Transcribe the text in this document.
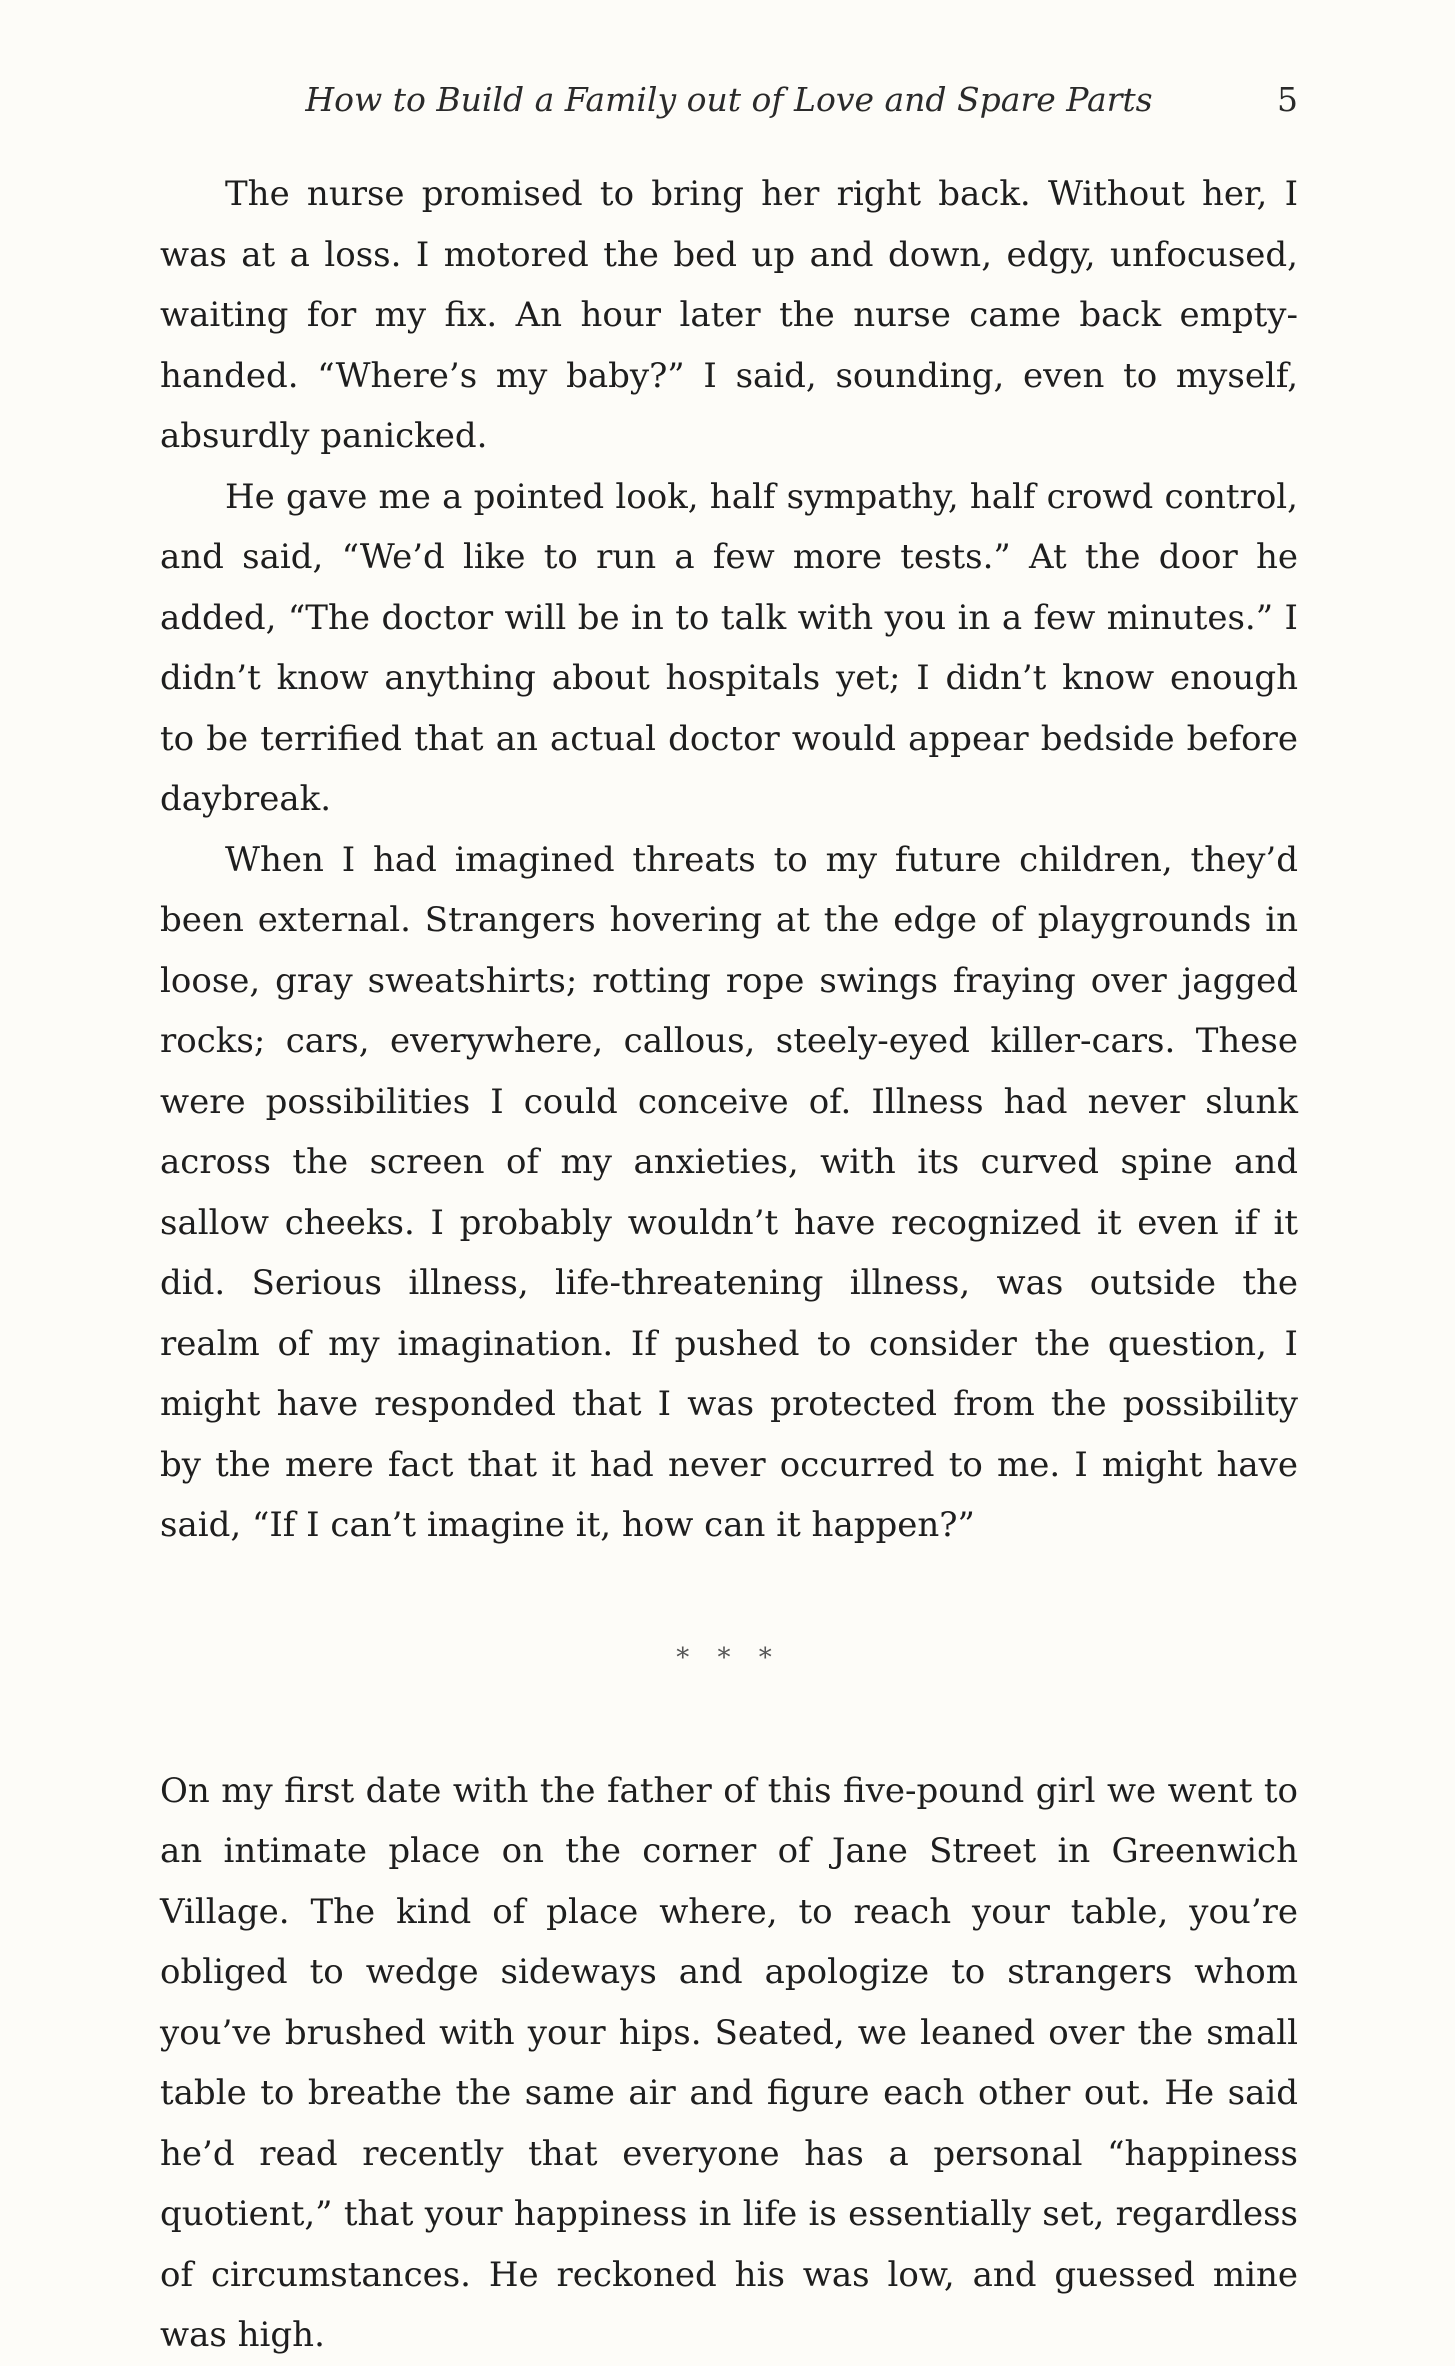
How to Build a Family out of Love and Spare Parts	5

The nurse promised to bring her right back. Without her, I was at a loss. I motored the bed up and down, edgy, unfocused, waiting for my fix. An hour later the nurse came back empty-handed. “Where’s my baby?” I said, sounding, even to myself, absurdly panicked.

He gave me a pointed look, half sympathy, half crowd control, and said, “We’d like to run a few more tests.” At the door he added, “The doctor will be in to talk with you in a few minutes.” I didn’t know anything about hospitals yet; I didn’t know enough to be terrified that an actual doctor would appear bedside before daybreak.

When I had imagined threats to my future children, they’d been external. Strangers hovering at the edge of playgrounds in loose, gray sweatshirts; rotting rope swings fraying over jagged rocks; cars, everywhere, callous, steely-eyed killer-cars. These were possibilities I could conceive of. Illness had never slunk across the screen of my anxieties, with its curved spine and sallow cheeks. I probably wouldn’t have recognized it even if it did. Serious illness, life-threatening illness, was outside the realm of my imagination. If pushed to consider the question, I might have responded that I was protected from the possibility by the mere fact that it had never occurred to me. I might have said, “If I can’t imagine it, how can it happen?”

* * *

On my first date with the father of this five-pound girl we went to an intimate place on the corner of Jane Street in Greenwich Village. The kind of place where, to reach your table, you’re obliged to wedge sideways and apologize to strangers whom you’ve brushed with your hips. Seated, we leaned over the small table to breathe the same air and figure each other out. He said he’d read recently that everyone has a personal “happiness quotient,” that your happiness in life is essentially set, regardless of circumstances. He reckoned his was low, and guessed mine was high.
